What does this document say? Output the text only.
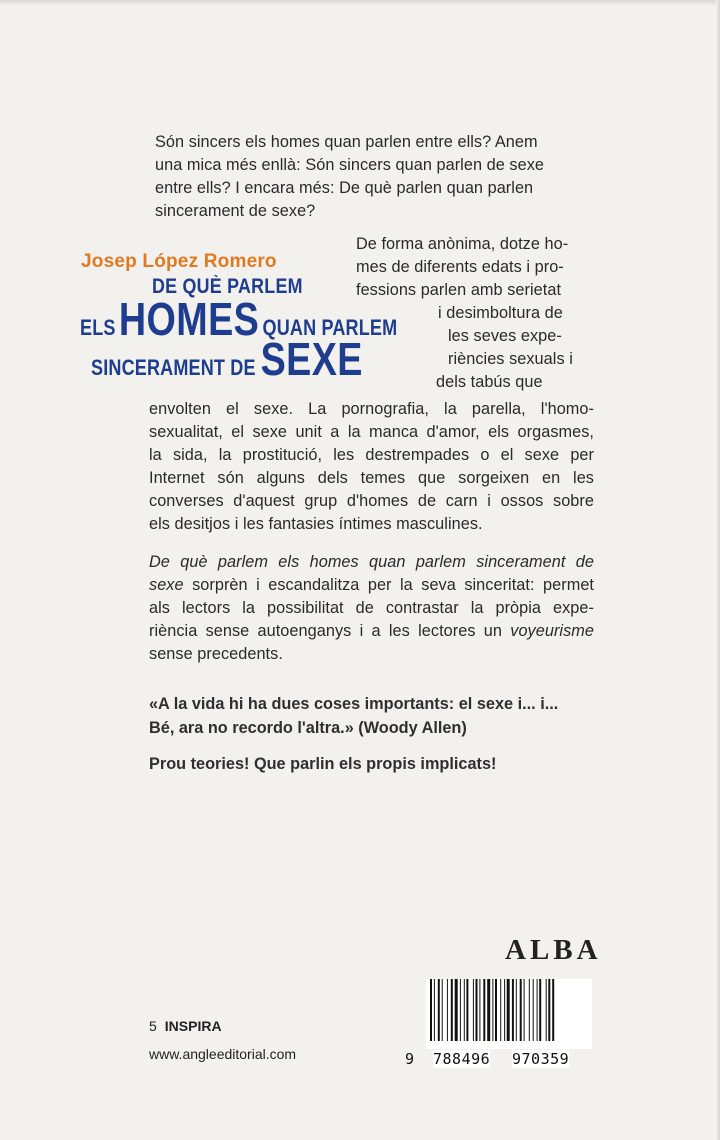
Són sincers els homes quan parlen entre ells? Anem
una mica més enllà: Són sincers quan parlen de sexe
entre ells? I encara més: De què parlen quan parlen
sincerament de sexe?
Josep López Romero
DE QUÈ PARLEM
ELSHOMES QUAN PARLEM
SINCERAMENT DE SEXE
De forma anònima, dotze ho-
mes de diferents edats i pro-
fessions parlen amb serietat
i desimboltura de
les seves expe-
riències sexuals i
dels tabús que
envolten el sexe. La pornografia, la parella, l'homo-
sexualitat, el sexe unit a la manca d'amor, els orgasmes,
la sida, la prostitució, les destrempades o el sexe per
Internet són alguns dels temes que sorgeixen en les
converses d'aquest grup d'homes de carn i ossos sobre
els desitjos i les fantasies íntimes masculines.
De què parlem els homes quan parlem sincerament de
sexe sorprèn i escandalitza per la seva sinceritat: permet
als lectors la possibilitat de contrastar la pròpia expe-
riència sense autoenganys i a les lectores un voyeurisme
sense precedents.
«A la vida hi ha dues coses importants: el sexe i... i...
Bé, ara no recordo l'altra.» (Woody Allen)
Prou teories! Que parlin els propis implicats!
ALBA
5 INSPIRA
www.angleeditorial.com	9 788496 970359
